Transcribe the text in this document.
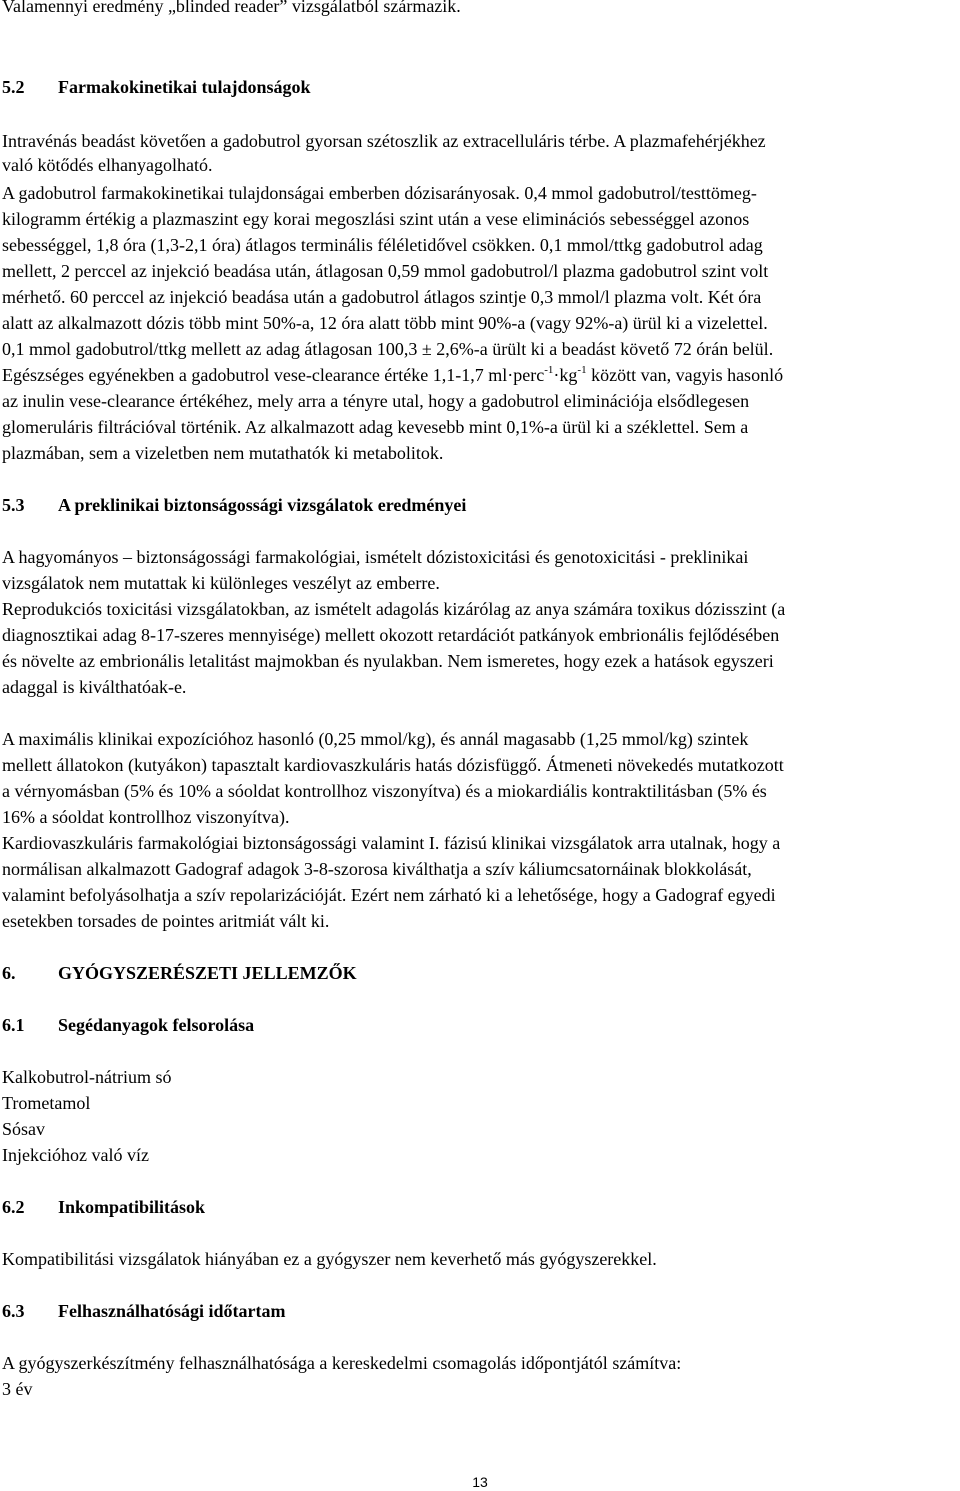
Valamennyi eredmény „blinded reader” vizsgálatból származik.
5.2 Farmakokinetikai tulajdonságok
Intravénás beadást követően a gadobutrol gyorsan szétoszlik az extracelluláris térbe. A plazmafehérjékhez
való kötődés elhanyagolható.
A gadobutrol farmakokinetikai tulajdonságai emberben dózisarányosak. 0,4 mmol gadobutrol/testtömeg-
kilogramm értékig a plazmaszint egy korai megoszlási szint után a vese eliminációs sebességgel azonos
sebességgel, 1,8 óra (1,3-2,1 óra) átlagos terminális féléletidővel csökken. 0,1 mmol/ttkg gadobutrol adag
mellett, 2 perccel az injekció beadása után, átlagosan 0,59 mmol gadobutrol/l plazma gadobutrol szint volt
mérhető. 60 perccel az injekció beadása után a gadobutrol átlagos szintje 0,3 mmol/l plazma volt. Két óra
alatt az alkalmazott dózis több mint 50%-a, 12 óra alatt több mint 90%-a (vagy 92%-a) ürül ki a vizelettel.
0,1 mmol gadobutrol/ttkg mellett az adag átlagosan 100,3 ± 2,6%-a ürült ki a beadást követő 72 órán belül.
Egészséges egyénekben a gadobutrol vese-clearance értéke 1,1-1,7 $ml\cdot perc^{-1}\cdot kg^{-1}$ között van, vagyis hasonló
az inulin vese-clearance értékéhez, mely arra a tényre utal, hogy a gadobutrol eliminációja elsődlegesen
glomeruláris filtrációval történik. Az alkalmazott adag kevesebb mint 0,1%-a ürül ki a széklettel. Sem a
plazmában, sem a vizeletben nem mutathatók ki metabolitok.
5.3 A preklinikai biztonságossági vizsgálatok eredményei
A hagyományos – biztonságossági farmakológiai, ismételt dózistoxicitási és genotoxicitási - preklinikai
vizsgálatok nem mutattak ki különleges veszélyt az emberre.
Reprodukciós toxicitási vizsgálatokban, az ismételt adagolás kizárólag az anya számára toxikus dózisszint (a
diagnosztikai adag 8-17-szeres mennyisége) mellett okozott retardációt patkányok embrionális fejlődésében
és növelte az embrionális letalitást majmokban és nyulakban. Nem ismeretes, hogy ezek a hatások egyszeri
adaggal is kiválthatóak-e.
A maximális klinikai expozícióhoz hasonló (0,25 mmol/kg), és annál magasabb (1,25 mmol/kg) szintek
mellett állatokon (kutyákon) tapasztalt kardiovaszkuláris hatás dózisfüggő. Átmeneti növekedés mutatkozott
a vérnyomásban (5% és 10% a sóoldat kontrollhoz viszonyítva) és a miokardiális kontraktilitásban (5% és
16% a sóoldat kontrollhoz viszonyítva).
Kardiovaszkuláris farmakológiai biztonságossági valamint I. fázisú klinikai vizsgálatok arra utalnak, hogy a
normálisan alkalmazott Gadograf adagok 3-8-szorosa kiválthatja a szív káliumcsatornáinak blokkolását,
valamint befolyásolhatja a szív repolarizációját. Ezért nem zárható ki a lehetősége, hogy a Gadograf egyedi
esetekben torsades de pointes aritmiát vált ki.
6. GYÓGYSZERÉSZETI JELLEMZŐK
6.1 Segédanyagok felsorolása
Kalkobutrol-nátrium só
Trometamol
Sósav
Injekcióhoz való víz
6.2 Inkompatibilitások
Kompatibilitási vizsgálatok hiányában ez a gyógyszer nem keverhető más gyógyszerekkel.
6.3 Felhasználhatósági időtartam
A gyógyszerkészítmény felhasználhatósága a kereskedelmi csomagolás időpontjától számítva:
3 év
13
